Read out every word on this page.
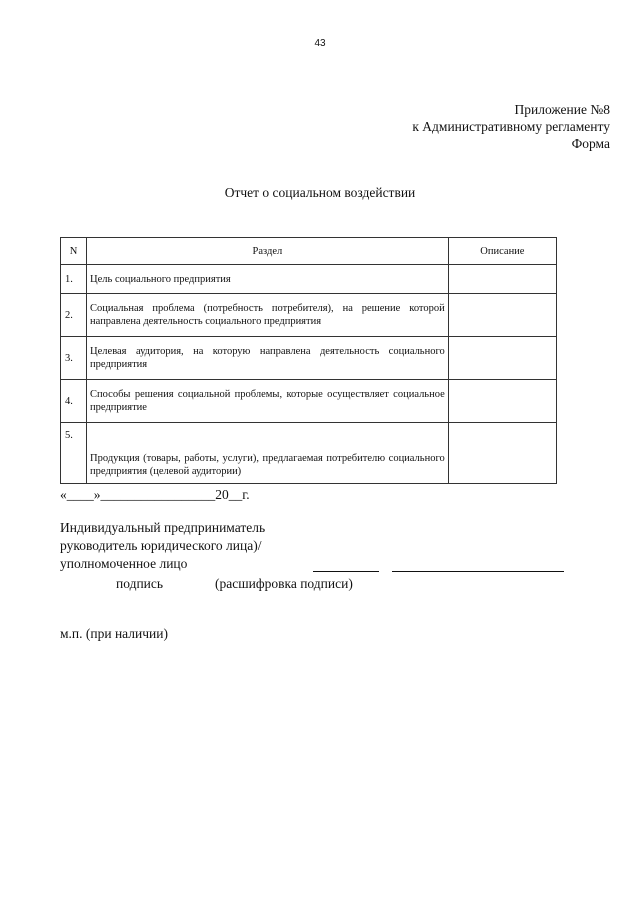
43
Приложение №8
к Административному регламенту
Форма
Отчет о социальном воздействии
N	Раздел	Описание
1.	Цель социального предприятия	
2.	Социальная проблема (потребность потребителя), на решение которой направлена деятельность социального предприятия	
3.	Целевая аудитория, на которую направлена деятельность социального предприятия	
4.	Способы решения социальной проблемы, которые осуществляет социальное предприятие	
5.	Продукция (товары, работы, услуги), предлагаемая потребителю социального предприятия (целевой аудитории)	
«____»_________________20__г.
Индивидуальный предприниматель
руководитель юридического лица)/
уполномоченное лицо
подпись	(расшифровка подписи)
м.п. (при наличии)
